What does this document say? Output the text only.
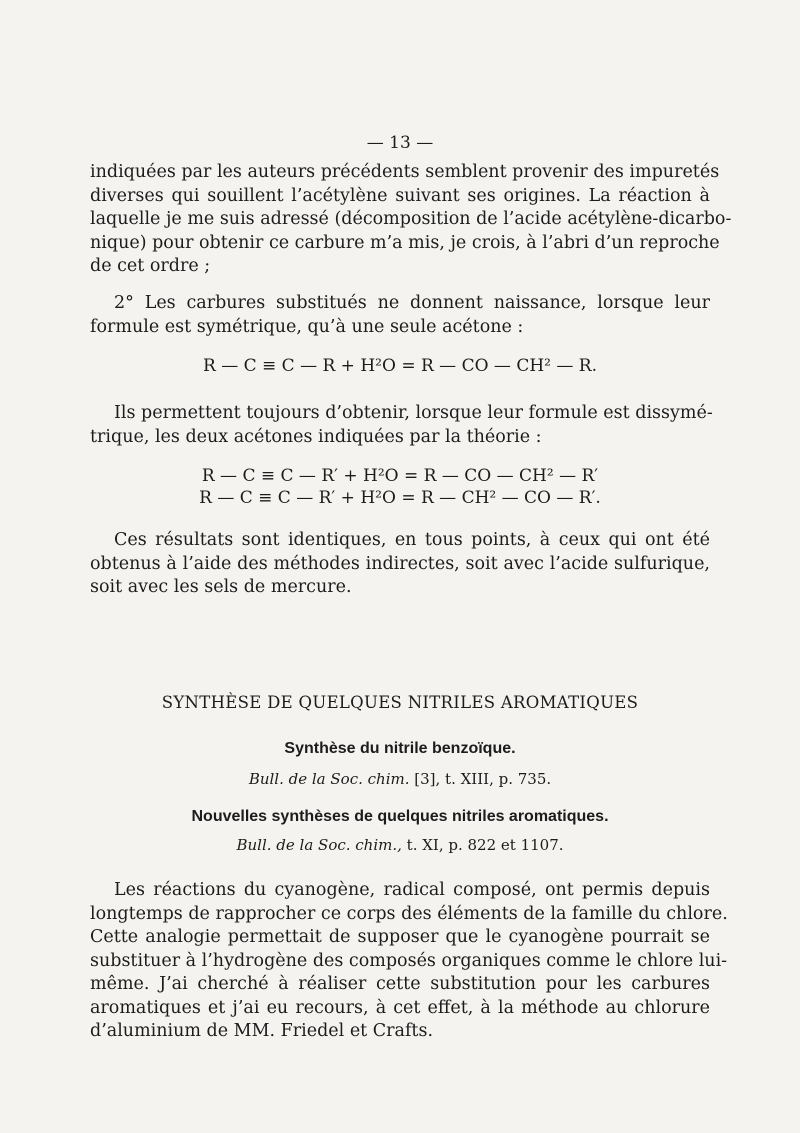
— 13 —
indiquées par les auteurs précédents semblent provenir des impuretés
diverses qui souillent l’acétylène suivant ses origines. La réaction à
laquelle je me suis adressé (décomposition de l’acide acétylène-dicarbo-
nique) pour obtenir ce carbure m’a mis, je crois, à l’abri d’un reproche
de cet ordre ;
2° Les carbures substitués ne donnent naissance, lorsque leur
formule est symétrique, qu’à une seule acétone :
R — C ≡ C — R + H²O = R — CO — CH² — R.
Ils permettent toujours d’obtenir, lorsque leur formule est dissymé-
trique, les deux acétones indiquées par la théorie :
R — C ≡ C — R′ + H²O = R — CO — CH² — R′
R — C ≡ C — R′ + H²O = R — CH² — CO — R′.
Ces résultats sont identiques, en tous points, à ceux qui ont été
obtenus à l’aide des méthodes indirectes, soit avec l’acide sulfurique,
soit avec les sels de mercure.
SYNTHÈSE DE QUELQUES NITRILES AROMATIQUES
Synthèse du nitrile benzoïque.
Bull. de la Soc. chim. [3], t. XIII, p. 735.
Nouvelles synthèses de quelques nitriles aromatiques.
Bull. de la Soc. chim., t. XI, p. 822 et 1107.
Les réactions du cyanogène, radical composé, ont permis depuis
longtemps de rapprocher ce corps des éléments de la famille du chlore.
Cette analogie permettait de supposer que le cyanogène pourrait se
substituer à l’hydrogène des composés organiques comme le chlore lui-
même. J’ai cherché à réaliser cette substitution pour les carbures
aromatiques et j’ai eu recours, à cet effet, à la méthode au chlorure
d’aluminium de MM. Friedel et Crafts.
